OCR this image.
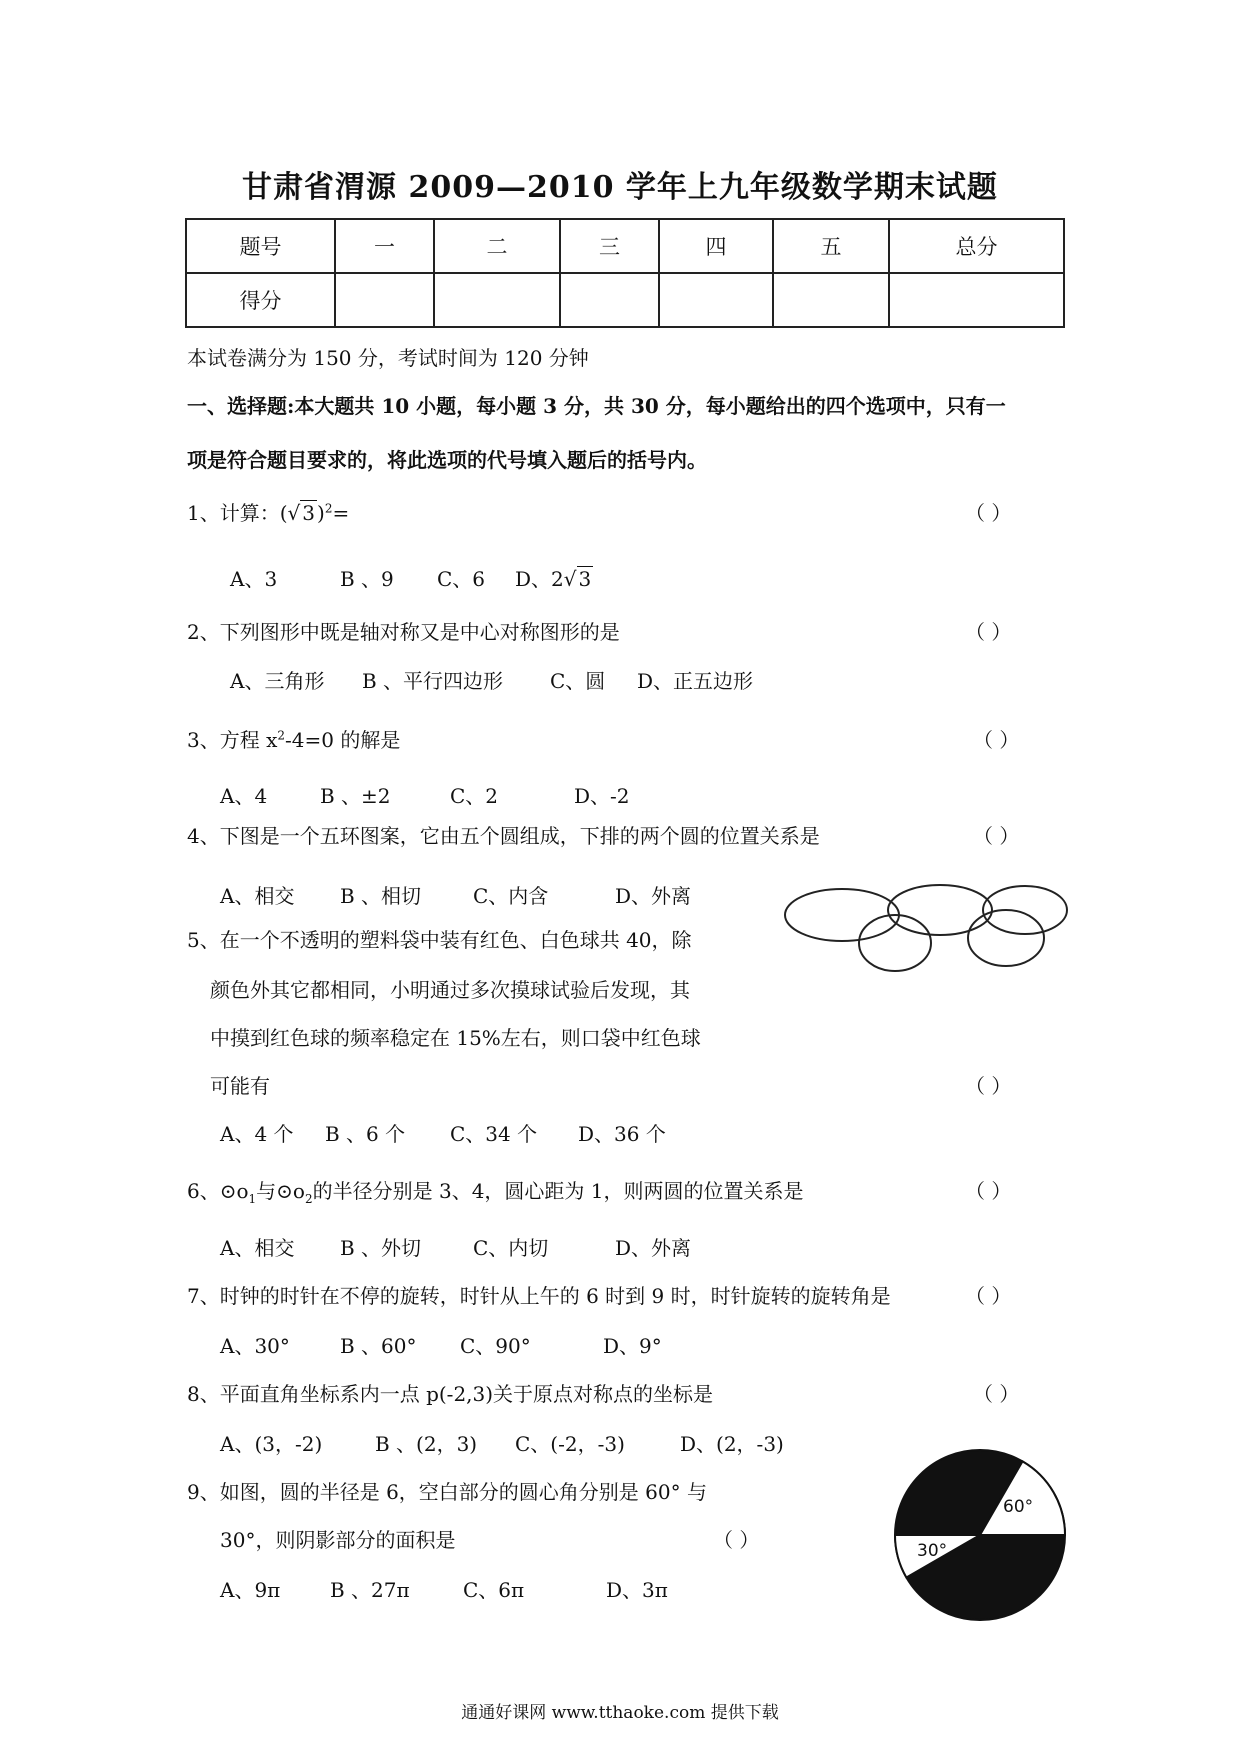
甘肃省渭源 2009—2010 学年上九年级数学期末试题
题号	一	二	三	四	五	总分
得分						
本试卷满分为 150 分，考试时间为 120 分钟
一、选择题:本大题共 10 小题，每小题 3 分，共 30 分，每小题给出的四个选项中，只有一
项是符合题目要求的，将此选项的代号填入题后的括号内。
1、计算：(√ 3 )$^2$=	（ ）
A、3	B 、9 C、6 D、2√ 3
2、下列图形中既是轴对称又是中心对称图形的是	（ ）
A、三角形 B 、平行四边形 C、圆 D、正五边形
3、方程 $x^2-4=0$ 的解是	（ ）
A、4	B 、±2	C、2	D、-2
4、下图是一个五环图案，它由五个圆组成，下排的两个圆的位置关系是	（ ）
A、相交 B 、相切	C、内含	D、外离
5、在一个不透明的塑料袋中装有红色、白色球共 40，除
颜色外其它都相同，小明通过多次摸球试验后发现，其
中摸到红色球的频率稳定在 15%左右，则口袋中红色球
可能有	（ ）
A、4 个 B 、6 个 C、34 个 D、36 个
6、$⊙o_1$与$⊙o_2$的半径分别是 3、4，圆心距为 1，则两圆的位置关系是	（ ）
A、相交 B 、外切	C、内切	D、外离
7、时钟的时针在不停的旋转，时针从上午的 6 时到 9 时，时针旋转的旋转角是	（ ）
A、30°	B 、60° C、90°	D、9°
8、平面直角坐标系内一点 p(-2,3)关于原点对称点的坐标是	（ ）
A、(3，-2)	B 、(2，3) C、(-2，-3)	D、(2，-3)
9、如图，圆的半径是 6，空白部分的圆心角分别是 60° 与
30°，则阴影部分的面积是	（ ）
A、9π B 、27π	C、6π	D、3π
60°
30°
通通好课网 www.tthaoke.com 提供下载
